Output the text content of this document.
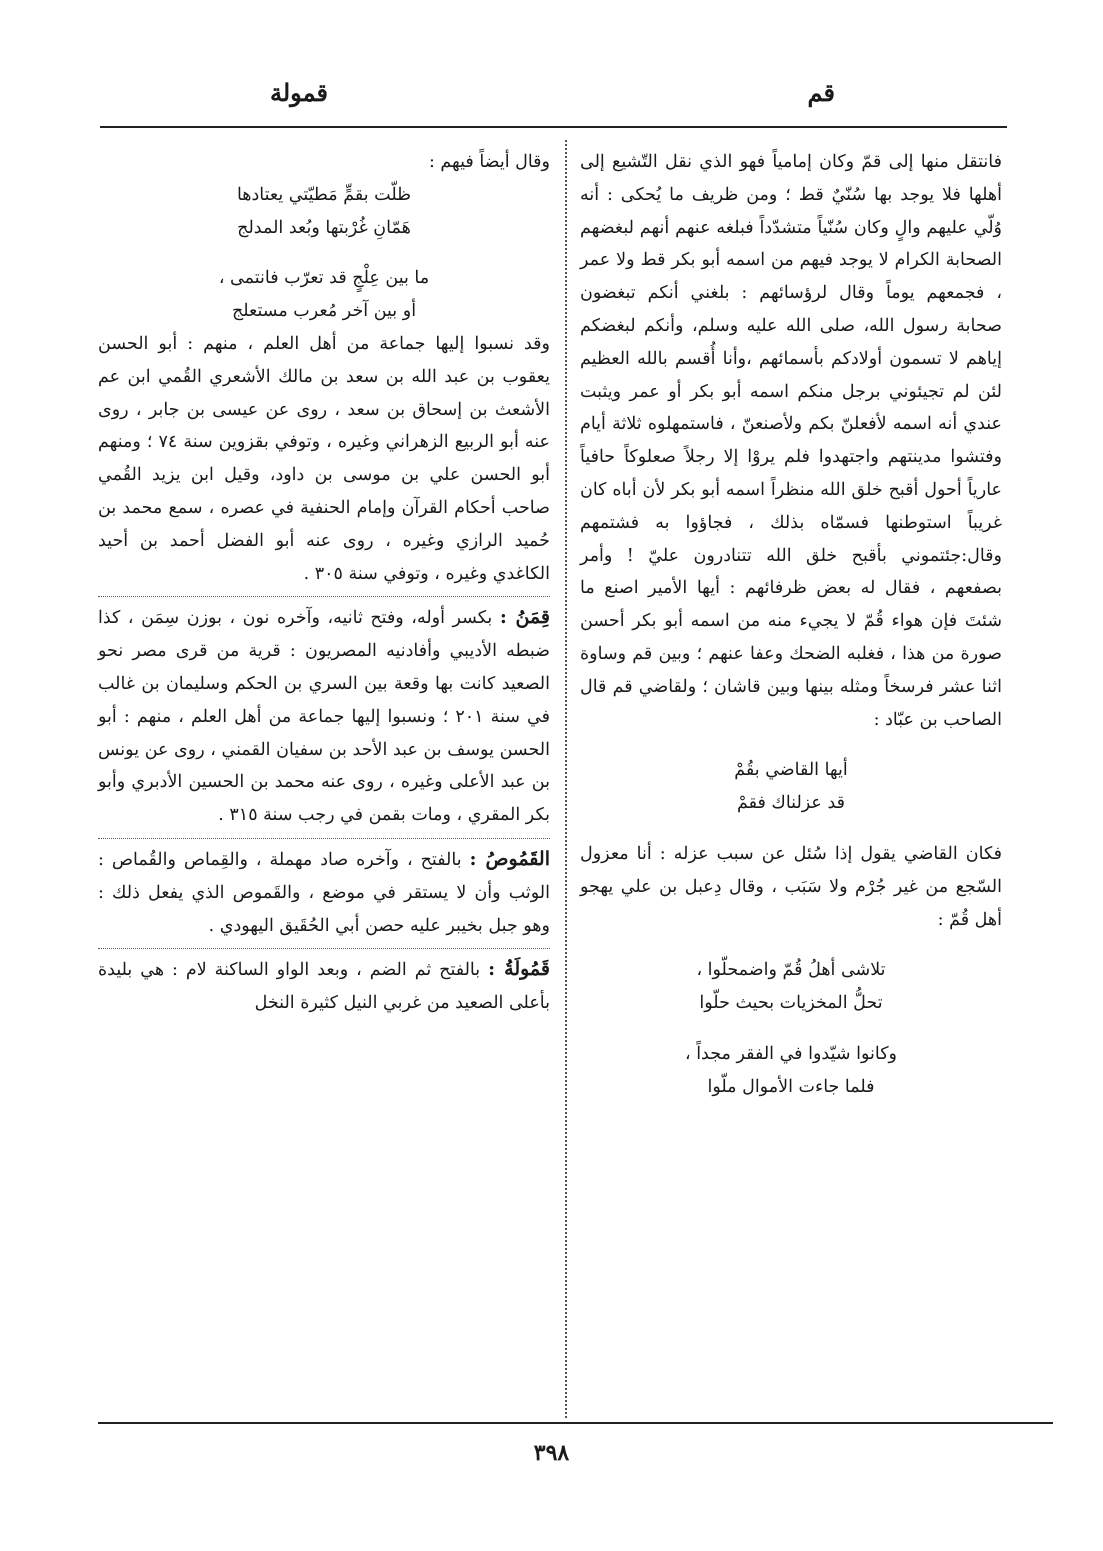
قم
قمولة

فانتقل منها إلى قمّ وكان إمامياً فهو الذي نقل التّشيع إلى أهلها فلا يوجد بها سُنّيٌ قط ؛ ومن ظريف ما يُحكى : أنه وُلّي عليهم والٍ وكان سُنّياً متشدّداً فبلغه عنهم أنهم لبغضهم الصحابة الكرام لا يوجد فيهم من اسمه أبو بكر قط ولا عمر ، فجمعهم يوماً وقال لرؤسائهم : بلغني أنكم تبغضون صحابة رسول الله، صلى الله عليه وسلم، وأنكم لبغضكم إياهم لا تسمون أولادكم بأسمائهم ،وأنا أُقسم بالله العظيم لئن لم تجيئوني برجل منكم اسمه أبو بكر أو عمر ويثبت عندي أنه اسمه لأفعلنّ بكم ولأصنعنّ ، فاستمهلوه ثلاثة أيام وفتشوا مدينتهم واجتهدوا فلم يروْا إلا رجلاً صعلوكاً حافياً عارياً أحول أقبح خلق الله منظراً اسمه أبو بكر لأن أباه كان غريباً استوطنها فسمّاه بذلك ، فجاؤوا به فشتمهم وقال:جئتموني بأقبح خلق الله تتنادرون عليّ ! وأمر بصفعهم ، فقال له بعض ظرفائهم : أيها الأمير اصنع ما شئتَ فإن هواء قُمّ لا يجيء منه من اسمه أبو بكر أحسن صورة من هذا ، فغلبه الضحك وعفا عنهم ؛ وبين قم وساوة اثنا عشر فرسخاً ومثله بينها وبين قاشان ؛ ولقاضي قم قال الصاحب بن عبّاد :

أيها القاضي بقُمْ

قد عزلناك فقمْ

فكان القاضي يقول إذا سُئل عن سبب عزله : أنا معزول السّجع من غير جُرْم ولا سَبَب ، وقال دِعبل بن علي يهجو أهل قُمّ :

تلاشى أهلُ قُمّ واضمحلّوا ،

تحلُّ المخزيات بحيث حلّوا

وكانوا شيّدوا في الفقر مجداً ،

فلما جاءت الأموال ملّوا

وقال أيضاً فيهم :

ظلّت بقمٍّ مَطيّتي يعتادها

هَمّانِ غُرْبتها وبُعد المدلج

ما بين عِلْجٍ قد تعرّب فانتمى ،

أو بين آخر مُعرب مستعلج

وقد نسبوا إليها جماعة من أهل العلم ، منهم : أبو الحسن يعقوب بن عبد الله بن سعد بن مالك الأشعري القُمي ابن عم الأشعث بن إسحاق بن سعد ، روى عن عيسى بن جابر ، روى عنه أبو الربيع الزهراني وغيره ، وتوفي بقزوين سنة ٧٤ ؛ ومنهم أبو الحسن علي بن موسى بن داود، وقيل ابن يزيد القُمي صاحب أحكام القرآن وإمام الحنفية في عصره ، سمع محمد بن حُميد الرازي وغيره ، روى عنه أبو الفضل أحمد بن أحيد الكاغدي وغيره ، وتوفي سنة ٣٠٥ .

قِمَنُ : بكسر أوله، وفتح ثانيه، وآخره نون ، بوزن سِمَن ، كذا ضبطه الأديبي وأفادنيه المصريون : قرية من قرى مصر نحو الصعيد كانت بها وقعة بين السري بن الحكم وسليمان بن غالب في سنة ٢٠١ ؛ ونسبوا إليها جماعة من أهل العلم ، منهم : أبو الحسن يوسف بن عبد الأحد بن سفيان القمني ، روى عن يونس بن عبد الأعلى وغيره ، روى عنه محمد بن الحسين الأدبري وأبو بكر المقري ، ومات بقمن في رجب سنة ٣١٥ .

القَمُوصُ : بالفتح ، وآخره صاد مهملة ، والقِماص والقُماص : الوثب وأن لا يستقر في موضع ، والقَموص الذي يفعل ذلك : وهو جبل بخيبر عليه حصن أبي الحُقَيق اليهودي .

قَمُولَةُ : بالفتح ثم الضم ، وبعد الواو الساكنة لام : هي بليدة بأعلى الصعيد من غربي النيل كثيرة النخل

٣٩٨
